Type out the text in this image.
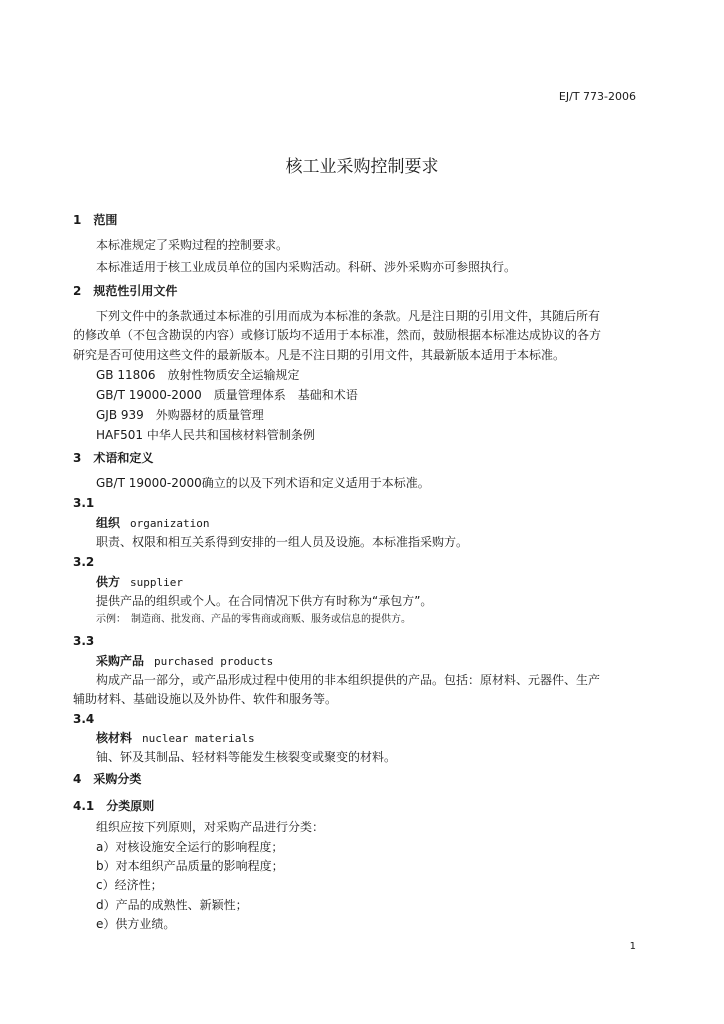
EJ/T 773-2006
核工业采购控制要求
1　范围
本标准规定了采购过程的控制要求。
本标准适用于核工业成员单位的国内采购活动。科研、涉外采购亦可参照执行。
2　规范性引用文件
下列文件中的条款通过本标准的引用而成为本标准的条款。凡是注日期的引用文件，其随后所有
的修改单（不包含勘误的内容）或修订版均不适用于本标准，然而，鼓励根据本标准达成协议的各方
研究是否可使用这些文件的最新版本。凡是不注日期的引用文件，其最新版本适用于本标准。
GB 11806　放射性物质安全运输规定
GB/T 19000-2000　质量管理体系　基础和术语
GJB 939　外购器材的质量管理
HAF501 中华人民共和国核材料管制条例
3　术语和定义
GB/T 19000-2000确立的以及下列术语和定义适用于本标准。
3.1
组织 organization
职责、权限和相互关系得到安排的一组人员及设施。本标准指采购方。
3.2
供方 supplier
提供产品的组织或个人。在合同情况下供方有时称为“承包方”。
示例：　制造商、批发商、产品的零售商或商贩、服务或信息的提供方。
3.3
采购产品 purchased products
构成产品一部分，或产品形成过程中使用的非本组织提供的产品。包括：原材料、元器件、生产
辅助材料、基础设施以及外协件、软件和服务等。
3.4
核材料 nuclear materials
铀、钚及其制品、轻材料等能发生核裂变或聚变的材料。
4　采购分类
4.1　分类原则
组织应按下列原则，对采购产品进行分类：
a）对核设施安全运行的影响程度；
b）对本组织产品质量的影响程度；
c）经济性；
d）产品的成熟性、新颖性；
e）供方业绩。
1
